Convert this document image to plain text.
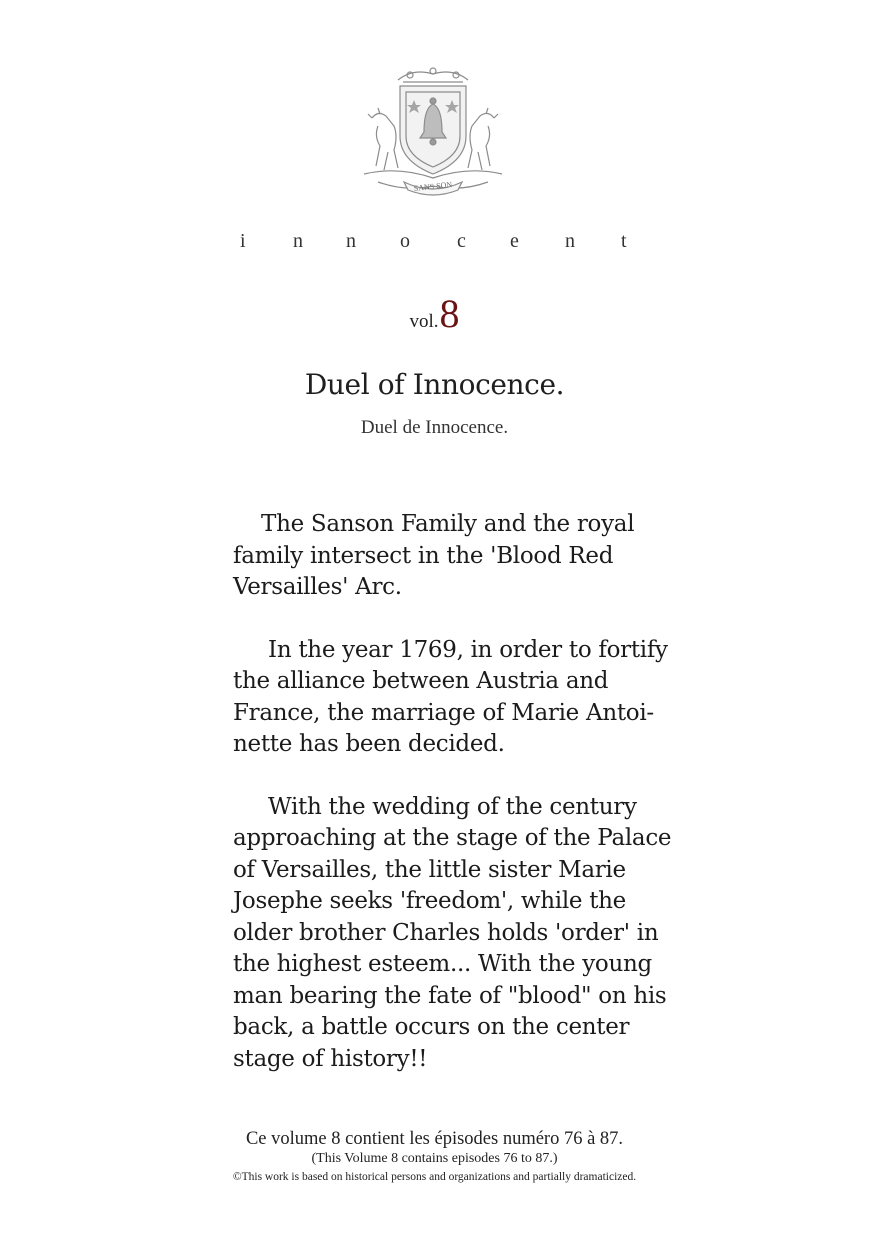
SANS SON
i n n o c e n t
vol.8
Duel of Innocence.
Duel de Innocence.
The Sanson Family and the royal
family intersect in the 'Blood Red
Versailles' Arc.
In the year 1769, in order to fortify
the alliance between Austria and
France, the marriage of Marie Antoi-
nette has been decided.
With the wedding of the century
approaching at the stage of the Palace
of Versailles, the little sister Marie
Josephe seeks 'freedom', while the
older brother Charles holds 'order' in
the highest esteem... With the young
man bearing the fate of "blood" on his
back, a battle occurs on the center
stage of history!!
Ce volume 8 contient les épisodes numéro 76 à 87.
(This Volume 8 contains episodes 76 to 87.)
©This work is based on historical persons and organizations and partially dramaticized.
